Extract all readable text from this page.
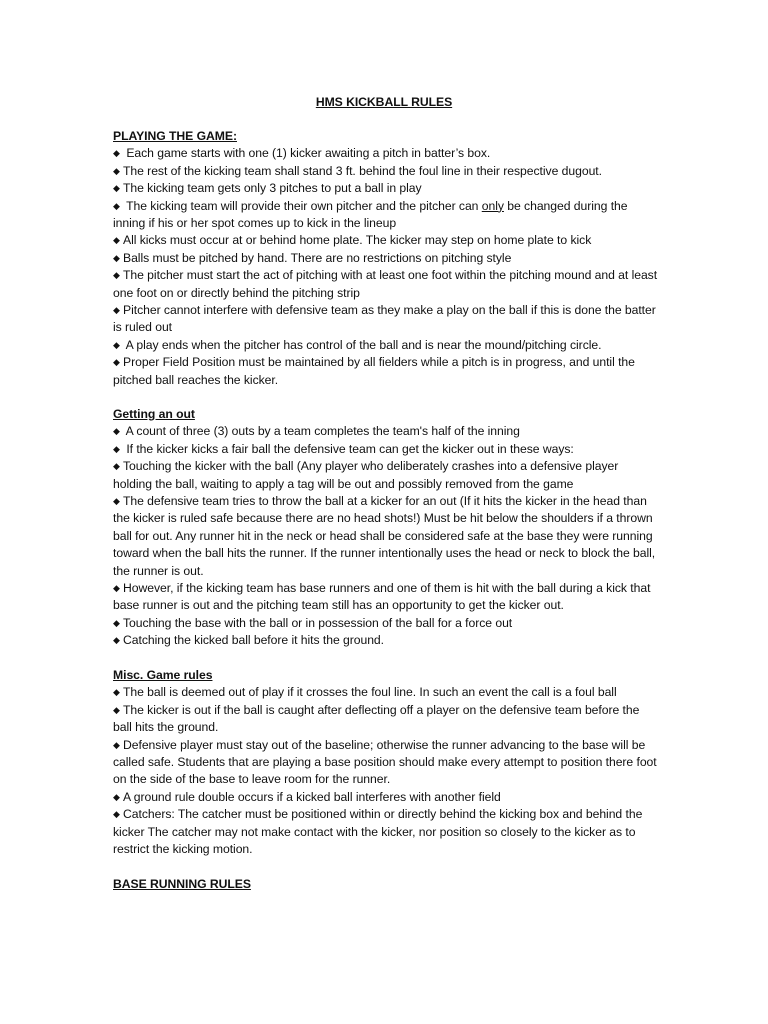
HMS KICKBALL RULES
PLAYING THE GAME:

◆ Each game starts with one (1) kicker awaiting a pitch in batter’s box.

◆ The rest of the kicking team shall stand 3 ft. behind the foul line in their respective dugout.

◆ The kicking team gets only 3 pitches to put a ball in play

◆ The kicking team will provide their own pitcher and the pitcher can only be changed during the inning if his or her spot comes up to kick in the lineup

◆ All kicks must occur at or behind home plate. The kicker may step on home plate to kick

◆ Balls must be pitched by hand. There are no restrictions on pitching style

◆ The pitcher must start the act of pitching with at least one foot within the pitching mound and at least one foot on or directly behind the pitching strip

◆ Pitcher cannot interfere with defensive team as they make a play on the ball if this is done the batter is ruled out

◆ A play ends when the pitcher has control of the ball and is near the mound/pitching circle.

◆ Proper Field Position must be maintained by all fielders while a pitch is in progress, and until the pitched ball reaches the kicker.

Getting an out

◆ A count of three (3) outs by a team completes the team's half of the inning

◆ If the kicker kicks a fair ball the defensive team can get the kicker out in these ways:

◆ Touching the kicker with the ball (Any player who deliberately crashes into a defensive player holding the ball, waiting to apply a tag will be out and possibly removed from the game

◆ The defensive team tries to throw the ball at a kicker for an out (If it hits the kicker in the head than the kicker is ruled safe because there are no head shots!) Must be hit below the shoulders if a thrown ball for out. Any runner hit in the neck or head shall be considered safe at the base they were running toward when the ball hits the runner. If the runner intentionally uses the head or neck to block the ball, the runner is out.

◆ However, if the kicking team has base runners and one of them is hit with the ball during a kick that base runner is out and the pitching team still has an opportunity to get the kicker out.

◆ Touching the base with the ball or in possession of the ball for a force out

◆ Catching the kicked ball before it hits the ground.

Misc. Game rules

◆ The ball is deemed out of play if it crosses the foul line. In such an event the call is a foul ball

◆ The kicker is out if the ball is caught after deflecting off a player on the defensive team before the ball hits the ground.

◆ Defensive player must stay out of the baseline; otherwise the runner advancing to the base will be called safe. Students that are playing a base position should make every attempt to position there foot on the side of the base to leave room for the runner.

◆ A ground rule double occurs if a kicked ball interferes with another field

◆ Catchers: The catcher must be positioned within or directly behind the kicking box and behind the kicker The catcher may not make contact with the kicker, nor position so closely to the kicker as to restrict the kicking motion.

BASE RUNNING RULES
